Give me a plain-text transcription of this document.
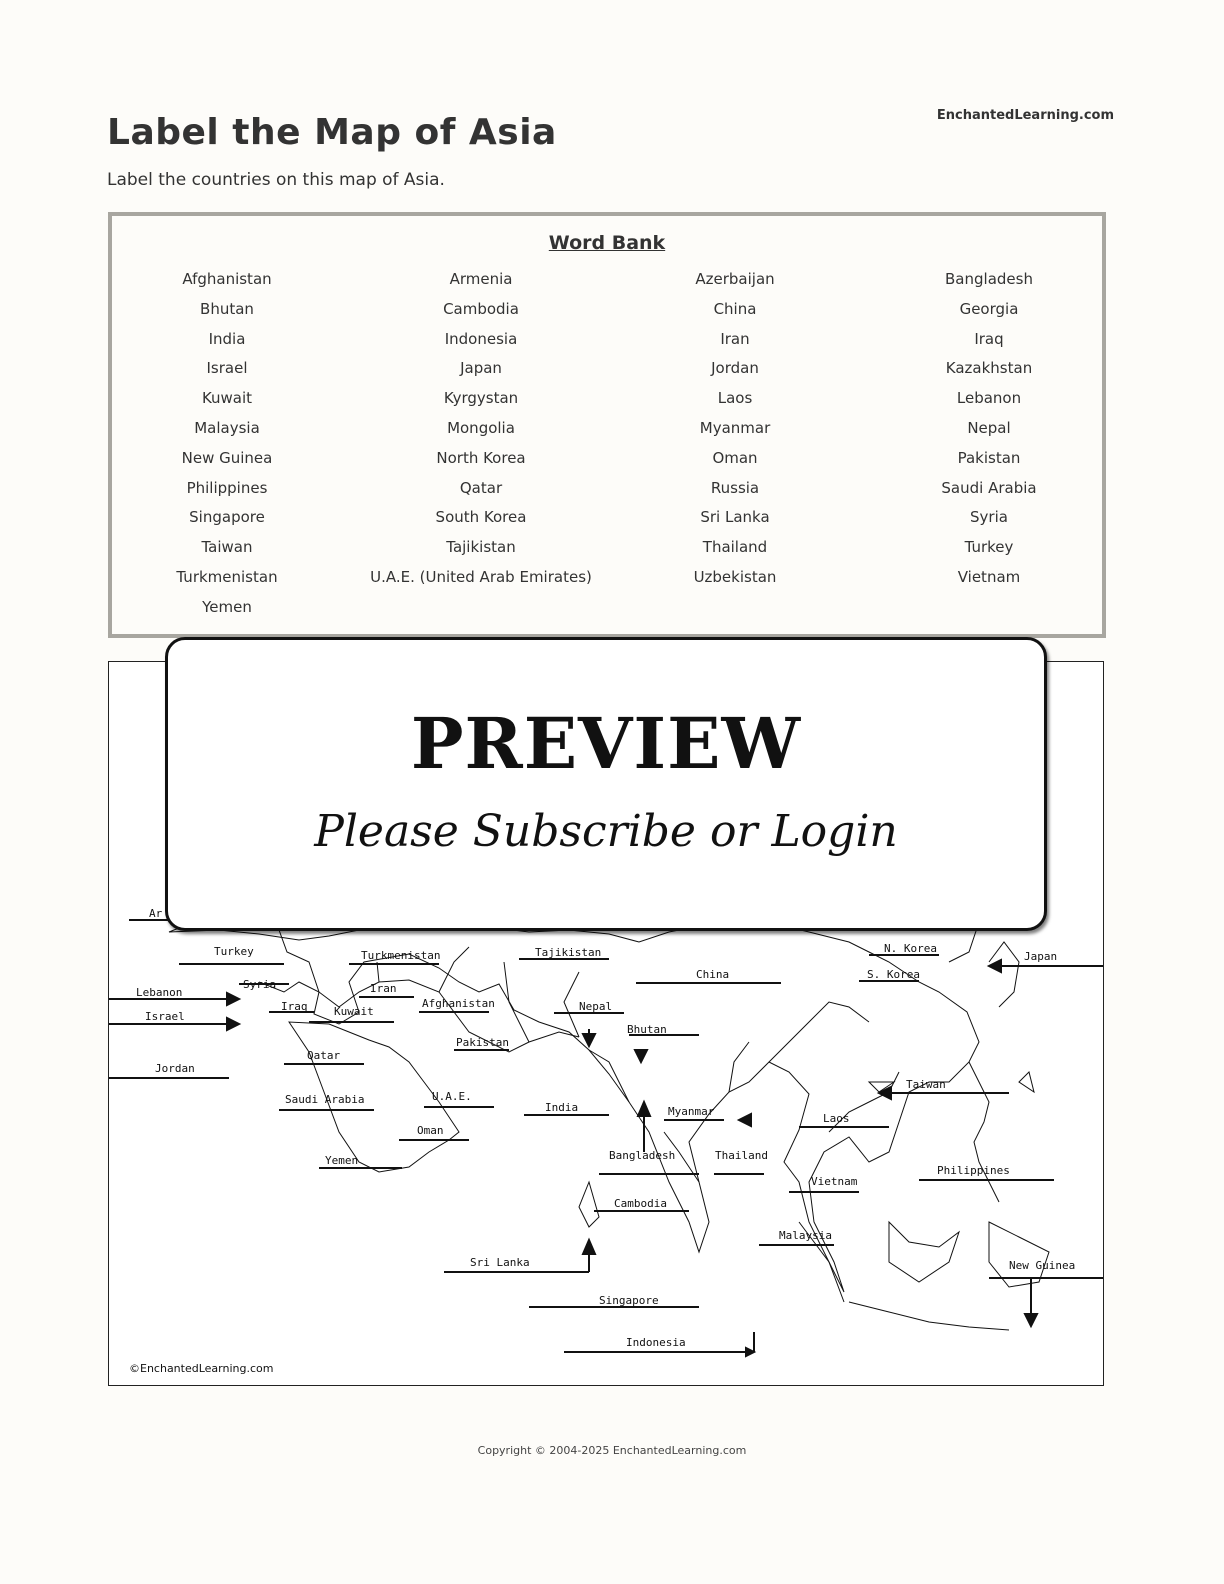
EnchantedLearning.com
Label the Map of Asia
Label the countries on this map of Asia.
Word Bank
Afghanistan	Armenia	Azerbaijan	Bangladesh
Bhutan	Cambodia	China	Georgia
India	Indonesia	Iran	Iraq
Israel	Japan	Jordan	Kazakhstan
Kuwait	Kyrgystan	Laos	Lebanon
Malaysia	Mongolia	Myanmar	Nepal
New Guinea	North Korea	Oman	Pakistan
Philippines	Qatar	Russia	Saudi Arabia
Singapore	South Korea	Sri Lanka	Syria
Taiwan	Tajikistan	Thailand	Turkey
Turkmenistan	U.A.E. (United Arab Emirates)	Uzbekistan	Vietnam
Yemen
Ar
Turkey	Turkmenistan	Tajikistan	N. Korea
Japan
China	S. Korea
Lebanon
Syria	Iran
Israel
Iraq Kuwait
Afghanistan	Nepal
Jordan
Bhutan
Pakistan
Qatar
Taiwan
U.A.E.
Saudi Arabia
India	Myanmar
Laos
Oman
Yemen	Bangladesh	Thailand
Philippines
Vietnam
Cambodia
Malaysia
Sri Lanka	New Guinea
Singapore
Indonesia
©EnchantedLearning.com
PREVIEW
Please Subscribe or Login
Copyright © 2004-2025 EnchantedLearning.com
